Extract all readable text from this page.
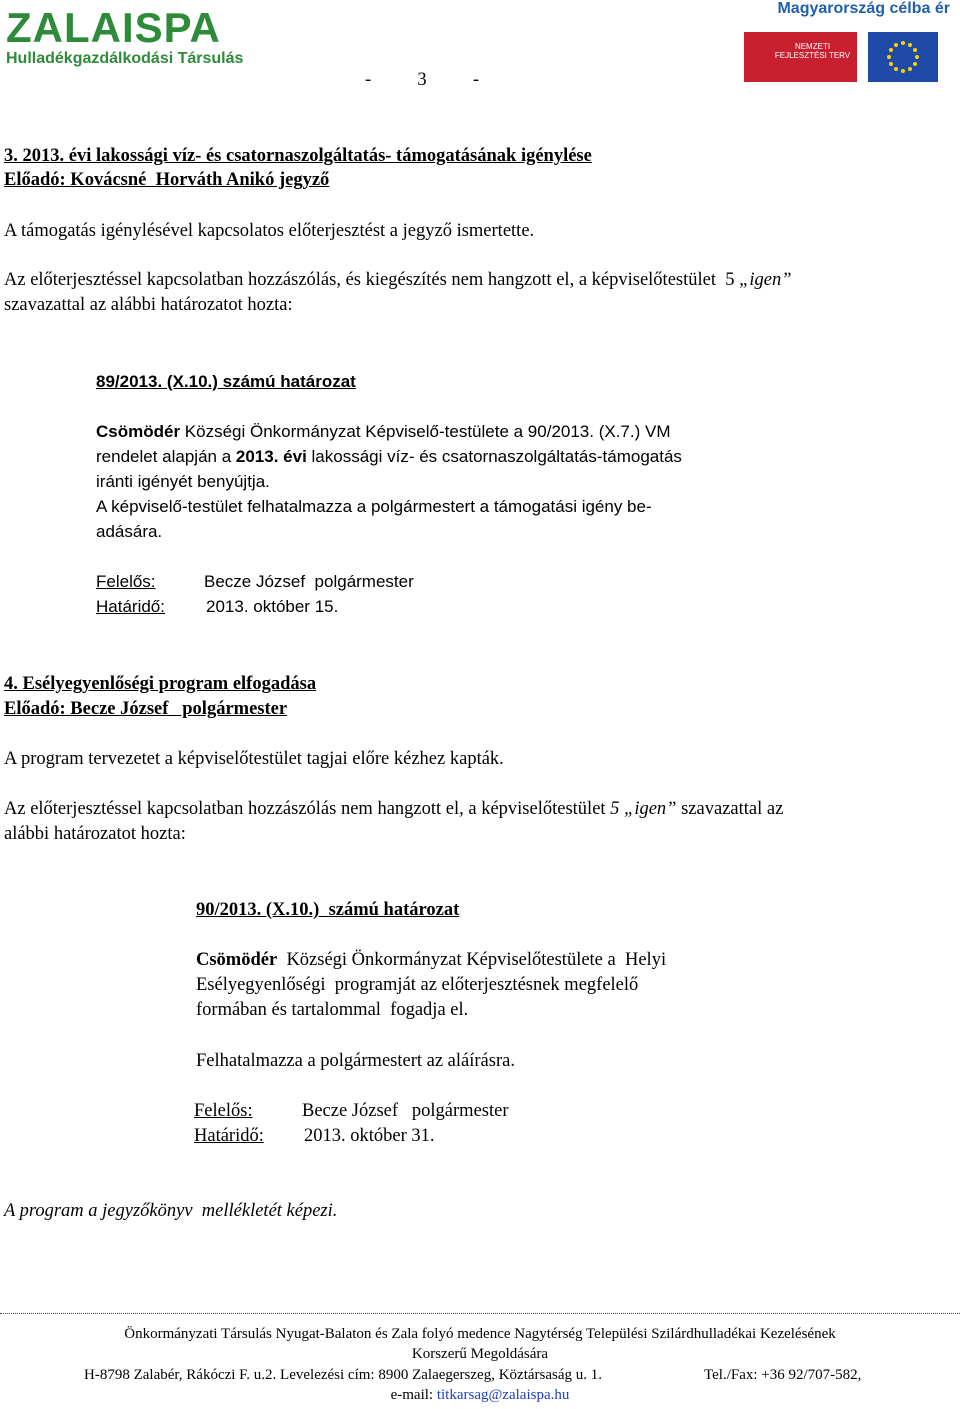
ZALAISPA
Hulladékgazdálkodási Társulás
Magyarország célba ér
NEMZETI FEJLESZTÉSI TERV
-          3          -
3. 2013. évi lakossági víz- és csatornaszolgáltatás- támogatásának igénylése
Előadó: Kovácsné  Horváth Anikó jegyző
A támogatás igénylésével kapcsolatos előterjesztést a jegyző ismertette.
Az előterjesztéssel kapcsolatban hozzászólás, és kiegészítés nem hangzott el, a képviselőtestület  5 „igen”
szavazattal az alábbi határozatot hozta:
89/2013. (X.10.) számú határozat
Csömödér Községi Önkormányzat Képviselő-testülete a 90/2013. (X.7.) VM
rendelet alapján a 2013. évi lakossági víz- és csatornaszolgáltatás-támogatás
iránti igényét benyújtja.
A képviselő-testület felhatalmazza a polgármestert a támogatási igény be-
adására.
Felelős:	Becze József  polgármester
Határidő: 2013. október 15.
4. Esélyegyenlőségi program elfogadása
Előadó: Becze József   polgármester
A program tervezetet a képviselőtestület tagjai előre kézhez kapták.
Az előterjesztéssel kapcsolatban hozzászólás nem hangzott el, a képviselőtestület 5 „igen” szavazattal az
alábbi határozatot hozta:
90/2013. (X.10.)  számú határozat
Csömödér  Községi Önkormányzat Képviselőtestülete a  Helyi
Esélyegyenlőségi  programját az előterjesztésnek megfelelő
formában és tartalommal  fogadja el.
Felhatalmazza a polgármestert az aláírásra.
Felelős:	Becze József   polgármester
Határidő: 2013. október 31.
A program a jegyzőkönyv  mellékletét képezi.
Önkormányzati Társulás Nyugat-Balaton és Zala folyó medence Nagytérség Települési Szilárdhulladékai Kezelésének
Korszerű Megoldására
H-8798 Zalabér, Rákóczi F. u.2. Levelezési cím: 8900 Zalaegerszeg, Köztársaság u. 1.	Tel./Fax: +36 92/707-582,
e-mail: titkarsag@zalaispa.hu
